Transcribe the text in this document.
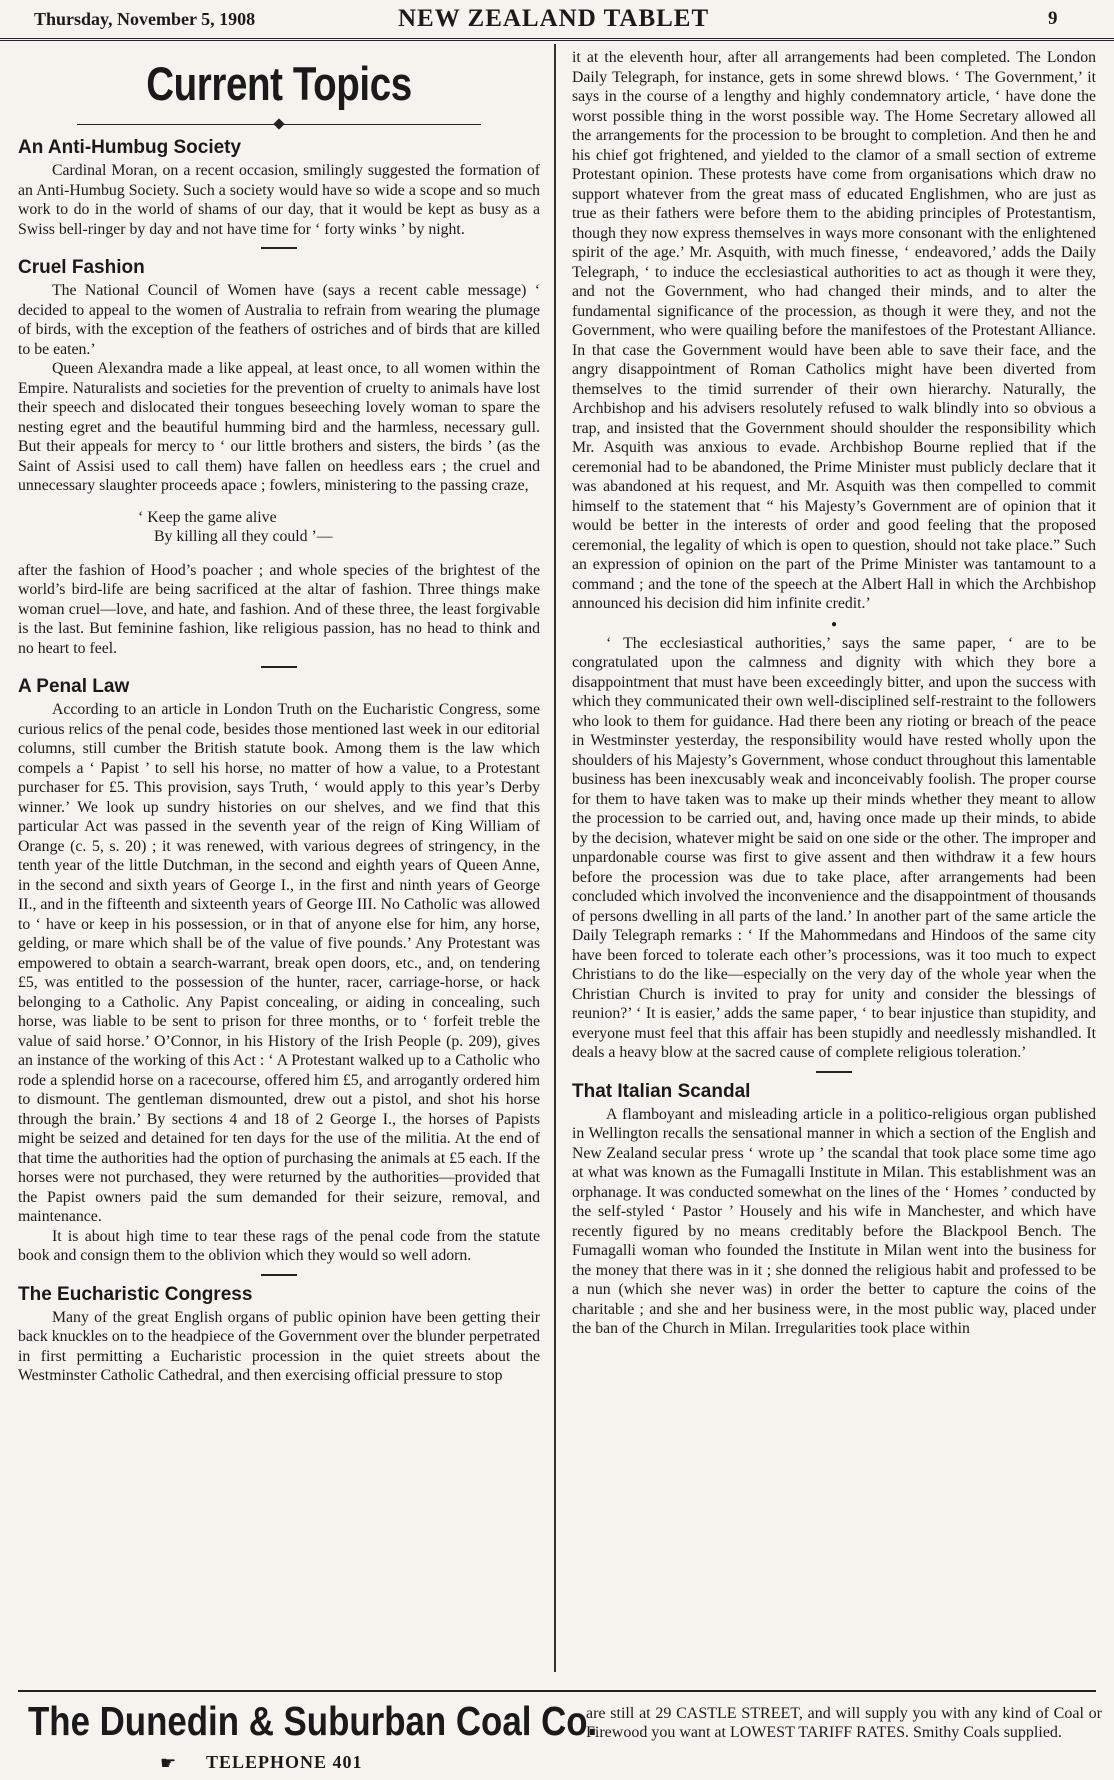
Thursday, November 5, 1908	NEW ZEALAND TABLET	9
Current Topics
An Anti-Humbug Society

Cardinal Moran, on a recent occasion, smilingly suggested the formation of an Anti-Humbug Society. Such a society would have so wide a scope and so much work to do in the world of shams of our day, that it would be kept as busy as a Swiss bell-ringer by day and not have time for ‘ forty winks ’ by night.

Cruel Fashion

The National Council of Women have (says a recent cable message) ‘ decided to appeal to the women of Australia to refrain from wearing the plumage of birds, with the exception of the feathers of ostriches and of birds that are killed to be eaten.’

Queen Alexandra made a like appeal, at least once, to all women within the Empire. Naturalists and societies for the prevention of cruelty to animals have lost their speech and dislocated their tongues beseeching lovely woman to spare the nesting egret and the beautiful humming bird and the harmless, necessary gull. But their appeals for mercy to ‘ our little brothers and sisters, the birds ’ (as the Saint of Assisi used to call them) have fallen on heedless ears ; the cruel and unnecessary slaughter proceeds apace ; fowlers, ministering to the passing craze,

‘ Keep the game alive
By killing all they could ’—

after the fashion of Hood’s poacher ; and whole species of the brightest of the world’s bird-life are being sacrificed at the altar of fashion. Three things make woman cruel—love, and hate, and fashion. And of these three, the least forgivable is the last. But feminine fashion, like religious passion, has no head to think and no heart to feel.

A Penal Law

According to an article in London Truth on the Eucharistic Congress, some curious relics of the penal code, besides those mentioned last week in our editorial columns, still cumber the British statute book. Among them is the law which compels a ‘ Papist ’ to sell his horse, no matter of how a value, to a Protestant purchaser for £5. This provision, says Truth, ‘ would apply to this year’s Derby winner.’ We look up sundry histories on our shelves, and we find that this particular Act was passed in the seventh year of the reign of King William of Orange (c. 5, s. 20) ; it was renewed, with various degrees of stringency, in the tenth year of the little Dutchman, in the second and eighth years of Queen Anne, in the second and sixth years of George I., in the first and ninth years of George II., and in the fifteenth and sixteenth years of George III. No Catholic was allowed to ‘ have or keep in his possession, or in that of anyone else for him, any horse, gelding, or mare which shall be of the value of five pounds.’ Any Protestant was empowered to obtain a search-warrant, break open doors, etc., and, on tendering £5, was entitled to the possession of the hunter, racer, carriage-horse, or hack belonging to a Catholic. Any Papist concealing, or aiding in concealing, such horse, was liable to be sent to prison for three months, or to ‘ forfeit treble the value of said horse.’ O’Connor, in his History of the Irish People (p. 209), gives an instance of the working of this Act : ‘ A Protestant walked up to a Catholic who rode a splendid horse on a racecourse, offered him £5, and arrogantly ordered him to dismount. The gentleman dismounted, drew out a pistol, and shot his horse through the brain.’ By sections 4 and 18 of 2 George I., the horses of Papists might be seized and detained for ten days for the use of the militia. At the end of that time the authorities had the option of purchasing the animals at £5 each. If the horses were not purchased, they were returned by the authorities—provided that the Papist owners paid the sum demanded for their seizure, removal, and maintenance.

It is about high time to tear these rags of the penal code from the statute book and consign them to the oblivion which they would so well adorn.

The Eucharistic Congress

Many of the great English organs of public opinion have been getting their back knuckles on to the headpiece of the Government over the blunder perpetrated in first permitting a Eucharistic procession in the quiet streets about the Westminster Catholic Cathedral, and then exercising official pressure to stop

it at the eleventh hour, after all arrangements had been completed. The London Daily Telegraph, for instance, gets in some shrewd blows. ‘ The Government,’ it says in the course of a lengthy and highly condemnatory article, ‘ have done the worst possible thing in the worst possible way. The Home Secretary allowed all the arrangements for the procession to be brought to completion. And then he and his chief got frightened, and yielded to the clamor of a small section of extreme Protestant opinion. These protests have come from organisations which draw no support whatever from the great mass of educated Englishmen, who are just as true as their fathers were before them to the abiding principles of Protestantism, though they now express themselves in ways more consonant with the enlightened spirit of the age.’ Mr. Asquith, with much finesse, ‘ endeavored,’ adds the Daily Telegraph, ‘ to induce the ecclesiastical authorities to act as though it were they, and not the Government, who had changed their minds, and to alter the fundamental significance of the procession, as though it were they, and not the Government, who were quailing before the manifestoes of the Protestant Alliance. In that case the Government would have been able to save their face, and the angry disappointment of Roman Catholics might have been diverted from themselves to the timid surrender of their own hierarchy. Naturally, the Archbishop and his advisers resolutely refused to walk blindly into so obvious a trap, and insisted that the Government should shoulder the responsibility which Mr. Asquith was anxious to evade. Archbishop Bourne replied that if the ceremonial had to be abandoned, the Prime Minister must publicly declare that it was abandoned at his request, and Mr. Asquith was then compelled to commit himself to the statement that “ his Majesty’s Government are of opinion that it would be better in the interests of order and good feeling that the proposed ceremonial, the legality of which is open to question, should not take place.” Such an expression of opinion on the part of the Prime Minister was tantamount to a command ; and the tone of the speech at the Albert Hall in which the Archbishop announced his decision did him infinite credit.’

●

‘ The ecclesiastical authorities,’ says the same paper, ‘ are to be congratulated upon the calmness and dignity with which they bore a disappointment that must have been exceedingly bitter, and upon the success with which they communicated their own well-disciplined self-restraint to the followers who look to them for guidance. Had there been any rioting or breach of the peace in Westminster yesterday, the responsibility would have rested wholly upon the shoulders of his Majesty’s Government, whose conduct throughout this lamentable business has been inexcusably weak and inconceivably foolish. The proper course for them to have taken was to make up their minds whether they meant to allow the procession to be carried out, and, having once made up their minds, to abide by the decision, whatever might be said on one side or the other. The improper and unpardonable course was first to give assent and then withdraw it a few hours before the procession was due to take place, after arrangements had been concluded which involved the inconvenience and the disappointment of thousands of persons dwelling in all parts of the land.’ In another part of the same article the Daily Telegraph remarks : ‘ If the Mahommedans and Hindoos of the same city have been forced to tolerate each other’s processions, was it too much to expect Christians to do the like—especially on the very day of the whole year when the Christian Church is invited to pray for unity and consider the blessings of reunion?’ ‘ It is easier,’ adds the same paper, ‘ to bear injustice than stupidity, and everyone must feel that this affair has been stupidly and needlessly mishandled. It deals a heavy blow at the sacred cause of complete religious toleration.’

That Italian Scandal

A flamboyant and misleading article in a politico-religious organ published in Wellington recalls the sensational manner in which a section of the English and New Zealand secular press ‘ wrote up ’ the scandal that took place some time ago at what was known as the Fumagalli Institute in Milan. This establishment was an orphanage. It was conducted somewhat on the lines of the ‘ Homes ’ conducted by the self-styled ‘ Pastor ’ Housely and his wife in Manchester, and which have recently figured by no means creditably before the Blackpool Bench. The Fumagalli woman who founded the Institute in Milan went into the business for the money that there was in it ; she donned the religious habit and professed to be a nun (which she never was) in order the better to capture the coins of the charitable ; and she and her business were, in the most public way, placed under the ban of the Church in Milan. Irregularities took place within

The Dunedin & Suburban Coal Co.
☛ TELEPHONE 401
are still at 29 CASTLE STREET, and will supply you with any kind of Coal or Firewood you want at LOWEST TARIFF RATES. Smithy Coals supplied.
